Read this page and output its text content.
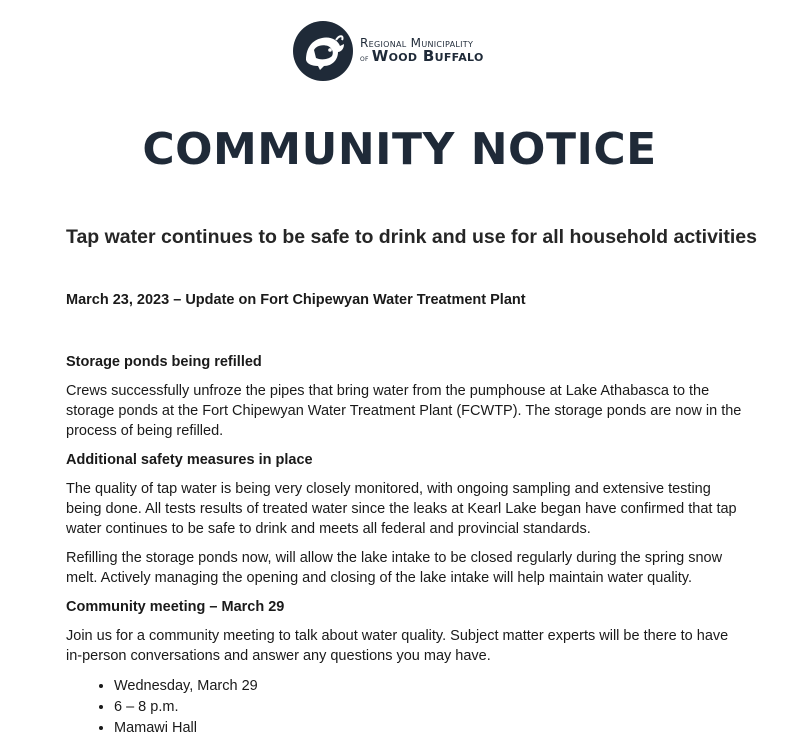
Regional Municipality
of Wood Buffalo
COMMUNITY NOTICE
Tap water continues to be safe to drink and use for all household activities
March 23, 2023 – Update on Fort Chipewyan Water Treatment Plant
Storage ponds being refilled

Crews successfully unfroze the pipes that bring water from the pumphouse at Lake Athabasca to the storage ponds at the Fort Chipewyan Water Treatment Plant (FCWTP). The storage ponds are now in the process of being refilled.

Additional safety measures in place

The quality of tap water is being very closely monitored, with ongoing sampling and extensive testing being done. All tests results of treated water since the leaks at Kearl Lake began have confirmed that tap water continues to be safe to drink and meets all federal and provincial standards.

Refilling the storage ponds now, will allow the lake intake to be closed regularly during the spring snow melt. Actively managing the opening and closing of the lake intake will help maintain water quality.

Community meeting – March 29

Join us for a community meeting to talk about water quality. Subject matter experts will be there to have in-person conversations and answer any questions you may have.

• Wednesday, March 29
• 6 – 8 p.m.
• Mamawi Hall
